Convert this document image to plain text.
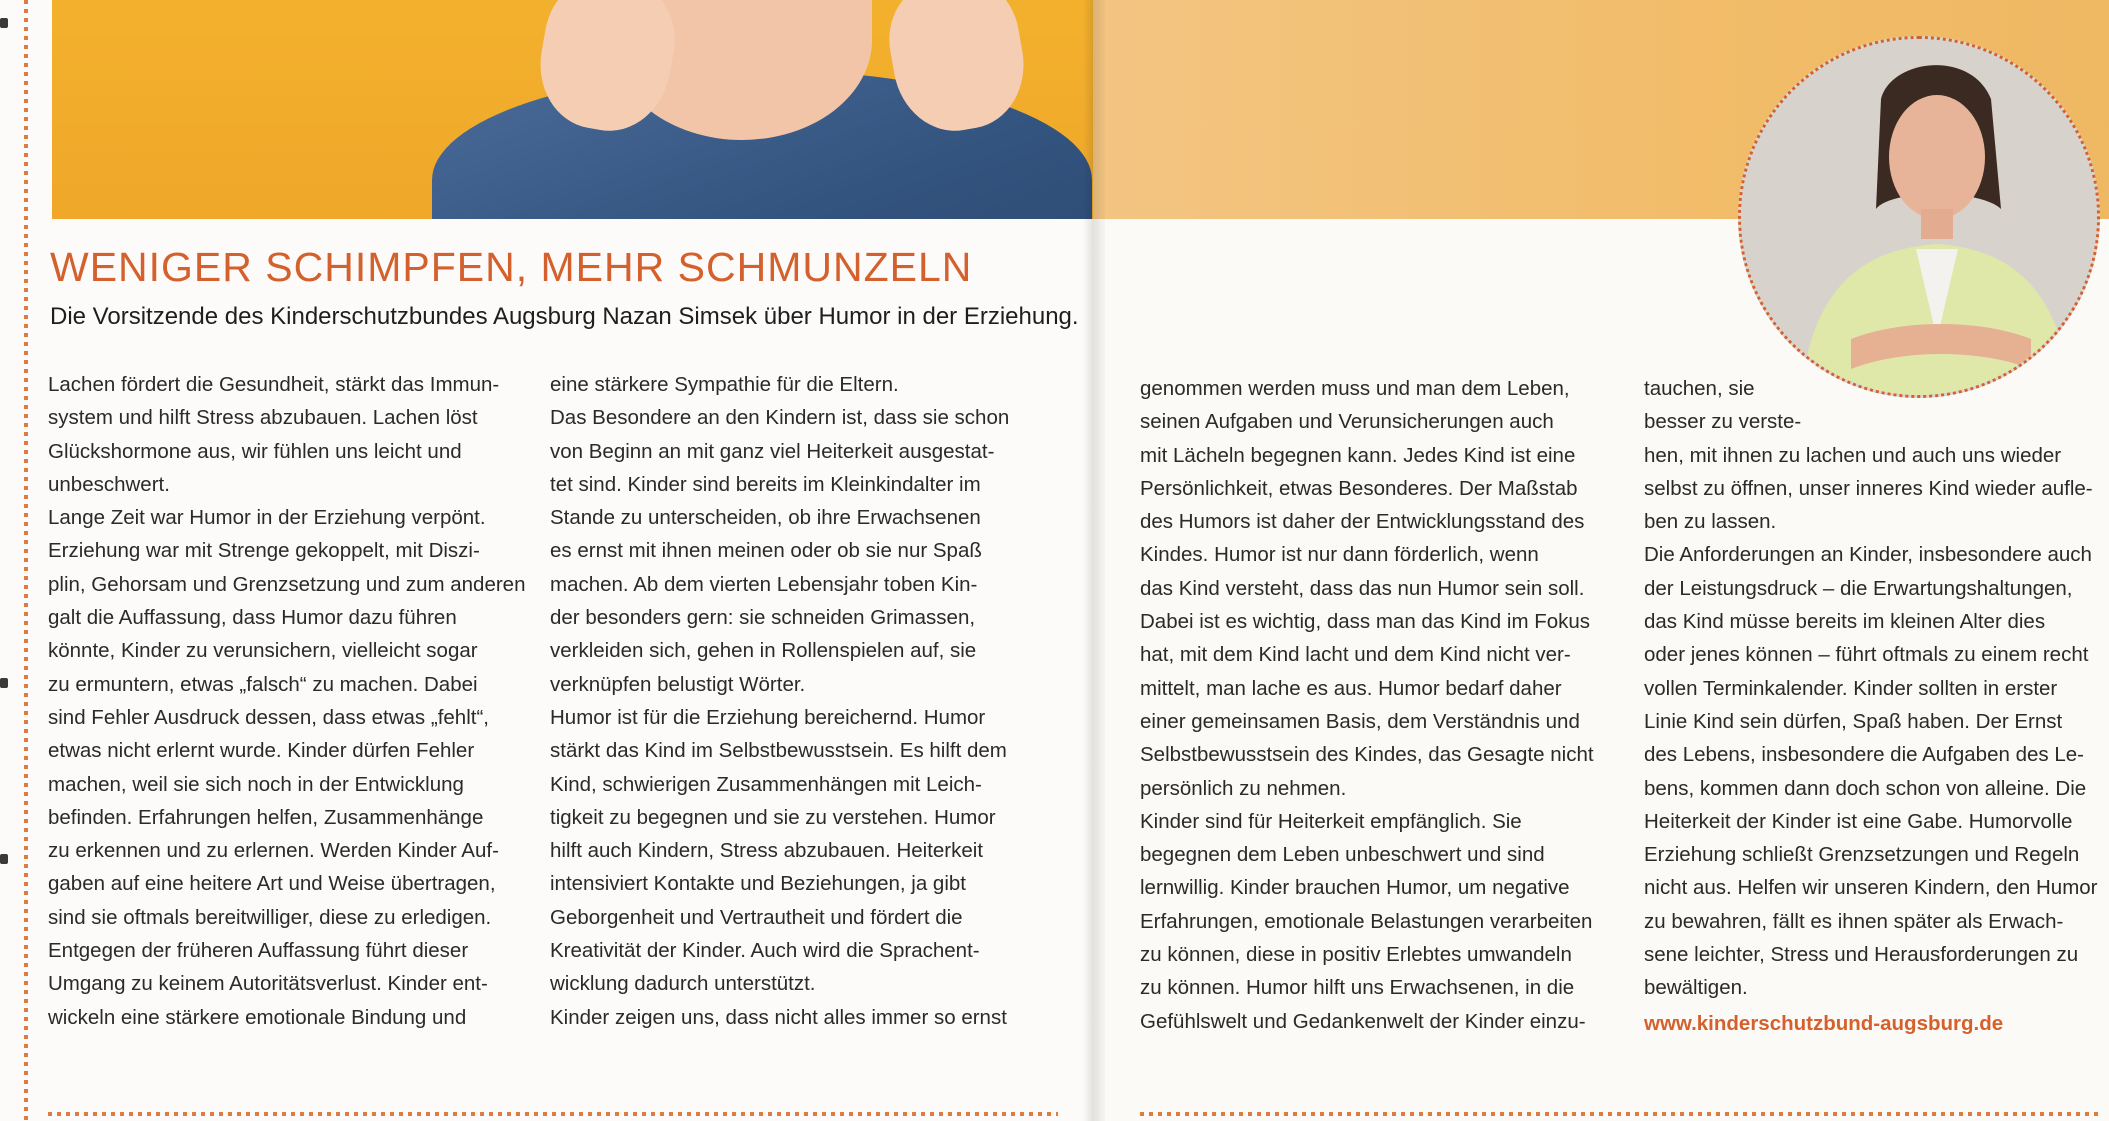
WENIGER SCHIMPFEN, MEHR SCHMUNZELN
Die Vorsitzende des Kinderschutzbundes Augsburg Nazan Simsek über Humor in der Erziehung.

Lachen fördert die Gesundheit, stärkt das Immun-

system und hilft Stress abzubauen. Lachen löst

Glückshormone aus, wir fühlen uns leicht und

unbeschwert.

Lange Zeit war Humor in der Erziehung verpönt.

Erziehung war mit Strenge gekoppelt, mit Diszi-

plin, Gehorsam und Grenzsetzung und zum anderen

galt die Auffassung, dass Humor dazu führen

könnte, Kinder zu verunsichern, vielleicht sogar

zu ermuntern, etwas „falsch“ zu machen. Dabei

sind Fehler Ausdruck dessen, dass etwas „fehlt“,

etwas nicht erlernt wurde. Kinder dürfen Fehler

machen, weil sie sich noch in der Entwicklung

befinden. Erfahrungen helfen, Zusammenhänge

zu erkennen und zu erlernen. Werden Kinder Auf-

gaben auf eine heitere Art und Weise übertragen,

sind sie oftmals bereitwilliger, diese zu erledigen.

Entgegen der früheren Auffassung führt dieser

Umgang zu keinem Autoritätsverlust. Kinder ent-

wickeln eine stärkere emotionale Bindung und

eine stärkere Sympathie für die Eltern.

Das Besondere an den Kindern ist, dass sie schon

von Beginn an mit ganz viel Heiterkeit ausgestat-

tet sind. Kinder sind bereits im Kleinkindalter im

Stande zu unterscheiden, ob ihre Erwachsenen

es ernst mit ihnen meinen oder ob sie nur Spaß

machen. Ab dem vierten Lebensjahr toben Kin-

der besonders gern: sie schneiden Grimassen,

verkleiden sich, gehen in Rollenspielen auf, sie

verknüpfen belustigt Wörter.

Humor ist für die Erziehung bereichernd. Humor

stärkt das Kind im Selbstbewusstsein. Es hilft dem

Kind, schwierigen Zusammenhängen mit Leich-

tigkeit zu begegnen und sie zu verstehen. Humor

hilft auch Kindern, Stress abzubauen. Heiterkeit

intensiviert Kontakte und Beziehungen, ja gibt

Geborgenheit und Vertrautheit und fördert die

Kreativität der Kinder. Auch wird die Sprachent-

wicklung dadurch unterstützt.

Kinder zeigen uns, dass nicht alles immer so ernst

genommen werden muss und man dem Leben,

seinen Aufgaben und Verunsicherungen auch

mit Lächeln begegnen kann. Jedes Kind ist eine

Persönlichkeit, etwas Besonderes. Der Maßstab

des Humors ist daher der Entwicklungsstand des

Kindes. Humor ist nur dann förderlich, wenn

das Kind versteht, dass das nun Humor sein soll.

Dabei ist es wichtig, dass man das Kind im Fokus

hat, mit dem Kind lacht und dem Kind nicht ver-

mittelt, man lache es aus. Humor bedarf daher

einer gemeinsamen Basis, dem Verständnis und

Selbstbewusstsein des Kindes, das Gesagte nicht

persönlich zu nehmen.

Kinder sind für Heiterkeit empfänglich. Sie

begegnen dem Leben unbeschwert und sind

lernwillig. Kinder brauchen Humor, um negative

Erfahrungen, emotionale Belastungen verarbeiten

zu können, diese in positiv Erlebtes umwandeln

zu können. Humor hilft uns Erwachsenen, in die

Gefühlswelt und Gedankenwelt der Kinder einzu-

tauchen, sie

besser zu verste-

hen, mit ihnen zu lachen und auch uns wieder

selbst zu öffnen, unser inneres Kind wieder aufle-

ben zu lassen.

Die Anforderungen an Kinder, insbesondere auch

der Leistungsdruck – die Erwartungshaltungen,

das Kind müsse bereits im kleinen Alter dies

oder jenes können – führt oftmals zu einem recht

vollen Terminkalender. Kinder sollten in erster

Linie Kind sein dürfen, Spaß haben. Der Ernst

des Lebens, insbesondere die Aufgaben des Le-

bens, kommen dann doch schon von alleine. Die

Heiterkeit der Kinder ist eine Gabe. Humorvolle

Erziehung schließt Grenzsetzungen und Regeln

nicht aus. Helfen wir unseren Kindern, den Humor

zu bewahren, fällt es ihnen später als Erwach-

sene leichter, Stress und Herausforderungen zu

bewältigen.

www.kinderschutzbund-augsburg.de
